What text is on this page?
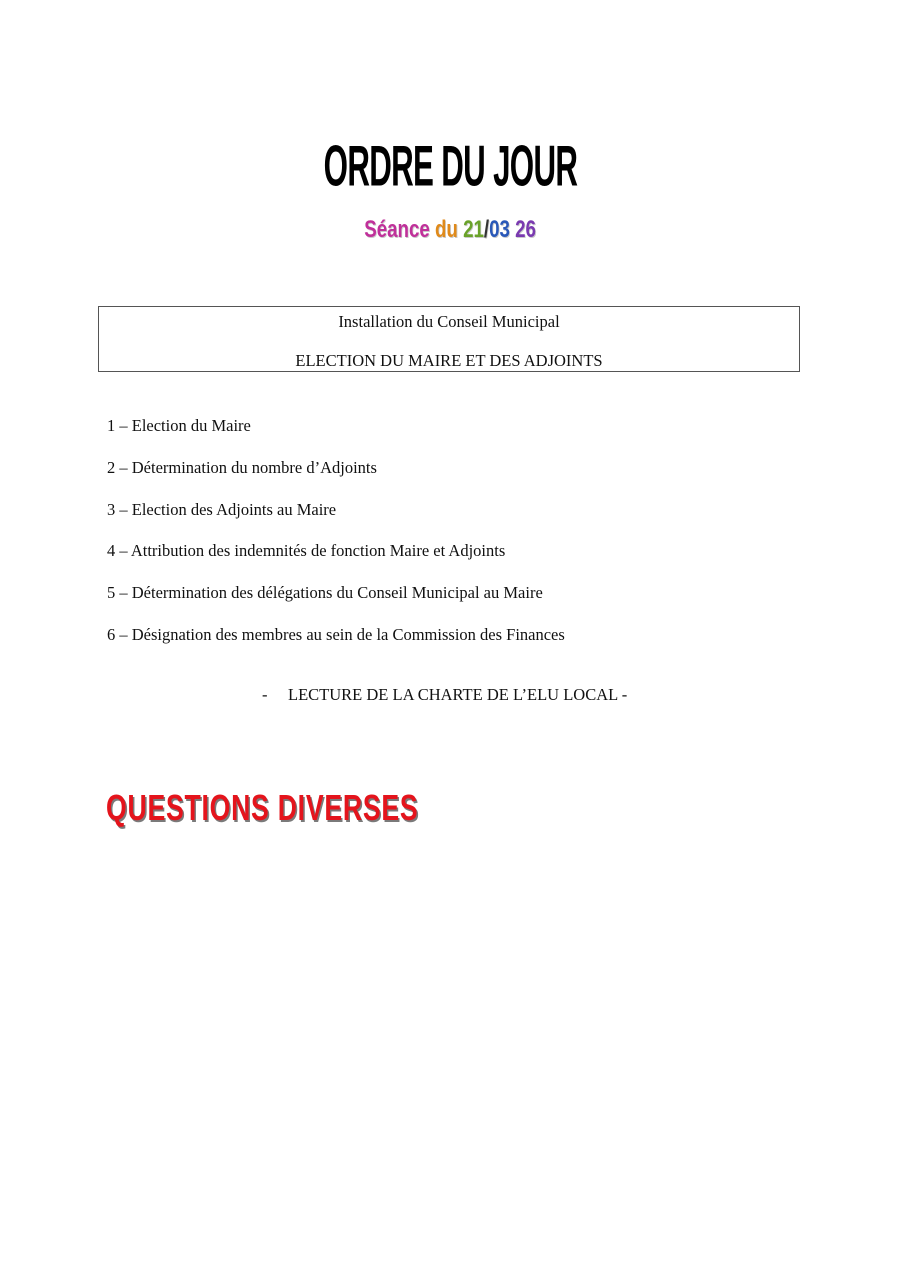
ORDRE DU JOUR
Séance du 21/03 26
Installation du Conseil Municipal
ELECTION DU MAIRE ET DES ADJOINTS
1 – Election du Maire
2 – Détermination du nombre d’Adjoints
3 – Election des Adjoints au Maire
4 – Attribution des indemnités de fonction Maire et Adjoints
5 – Détermination des délégations du Conseil Municipal au Maire
6 – Désignation des membres au sein de la Commission des Finances
- LECTURE DE LA CHARTE DE L’ELU LOCAL -
QUESTIONS DIVERSES
